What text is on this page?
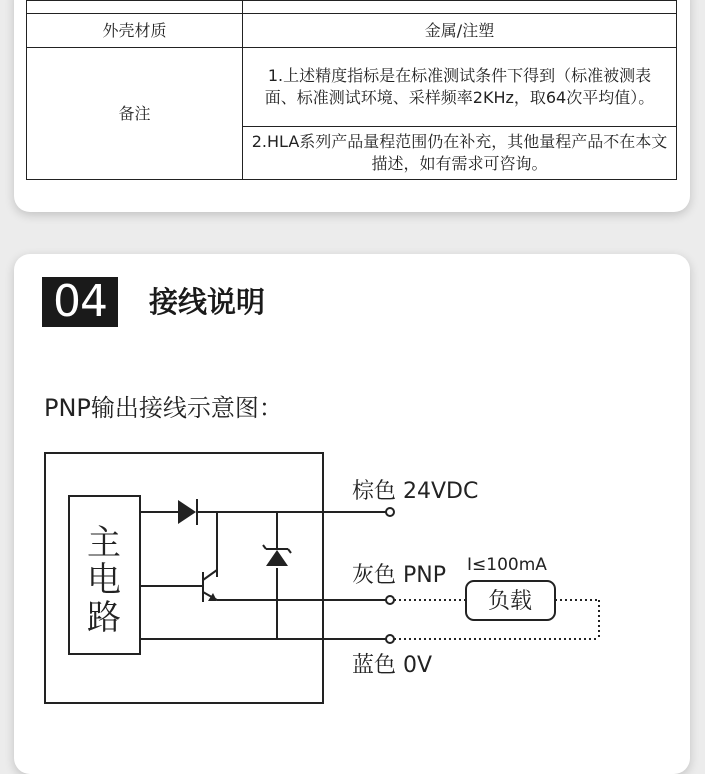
外壳材质	金属/注塑
备注	1.上述精度指标是在标准测试条件下得到（标准被测表面、标准测试环境、采样频率2KHz，取64次平均值）。
	2.HLA系列产品量程范围仍在补充，其他量程产品不在本文描述，如有需求可咨询。
04	接线说明
PNP输出接线示意图：
主
电
路
棕色 24VDC
灰色 PNP I≤100mA
负载
蓝色 0V
